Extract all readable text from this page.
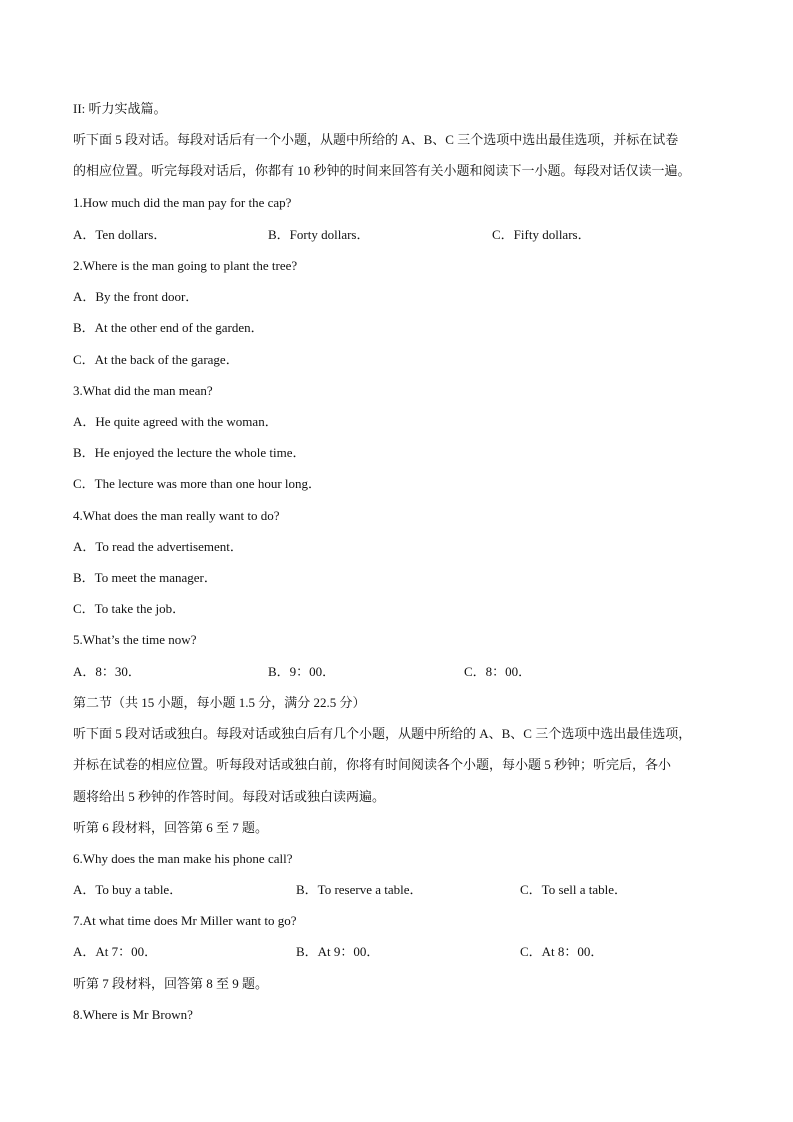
II: 听力实战篇。
听下面 5 段对话。每段对话后有一个小题，从题中所给的 A、B、C 三个选项中选出最佳选项，并标在试卷
的相应位置。听完每段对话后，你都有 10 秒钟的时间来回答有关小题和阅读下一小题。每段对话仅读一遍。
1.How much did the man pay for the cap?
A．Ten dollars．	B．Forty dollars．	C．Fifty dollars．
2.Where is the man going to plant the tree?
A．By the front door．
B．At the other end of the garden．
C．At the back of the garage．
3.What did the man mean?
A．He quite agreed with the woman．
B．He enjoyed the lecture the whole time．
C．The lecture was more than one hour long．
4.What does the man really want to do?
A．To read the advertisement．
B．To meet the manager．
C．To take the job．
5.What’s the time now?
A．8：30．	B．9：00．	C．8：00．
第二节（共 15 小题，每小题 1.5 分，满分 22.5 分）
听下面 5 段对话或独白。每段对话或独白后有几个小题，从题中所给的 A、B、C 三个选项中选出最佳选项，
并标在试卷的相应位置。听每段对话或独白前，你将有时间阅读各个小题，每小题 5 秒钟；听完后，各小
题将给出 5 秒钟的作答时间。每段对话或独白读两遍。
听第 6 段材料，回答第 6 至 7 题。
6.Why does the man make his phone call?
A．To buy a table．	B．To reserve a table．	C．To sell a table．
7.At what time does Mr Miller want to go?
A．At 7：00．	B．At 9：00．	C．At 8：00．
听第 7 段材料，回答第 8 至 9 题。
8.Where is Mr Brown?
